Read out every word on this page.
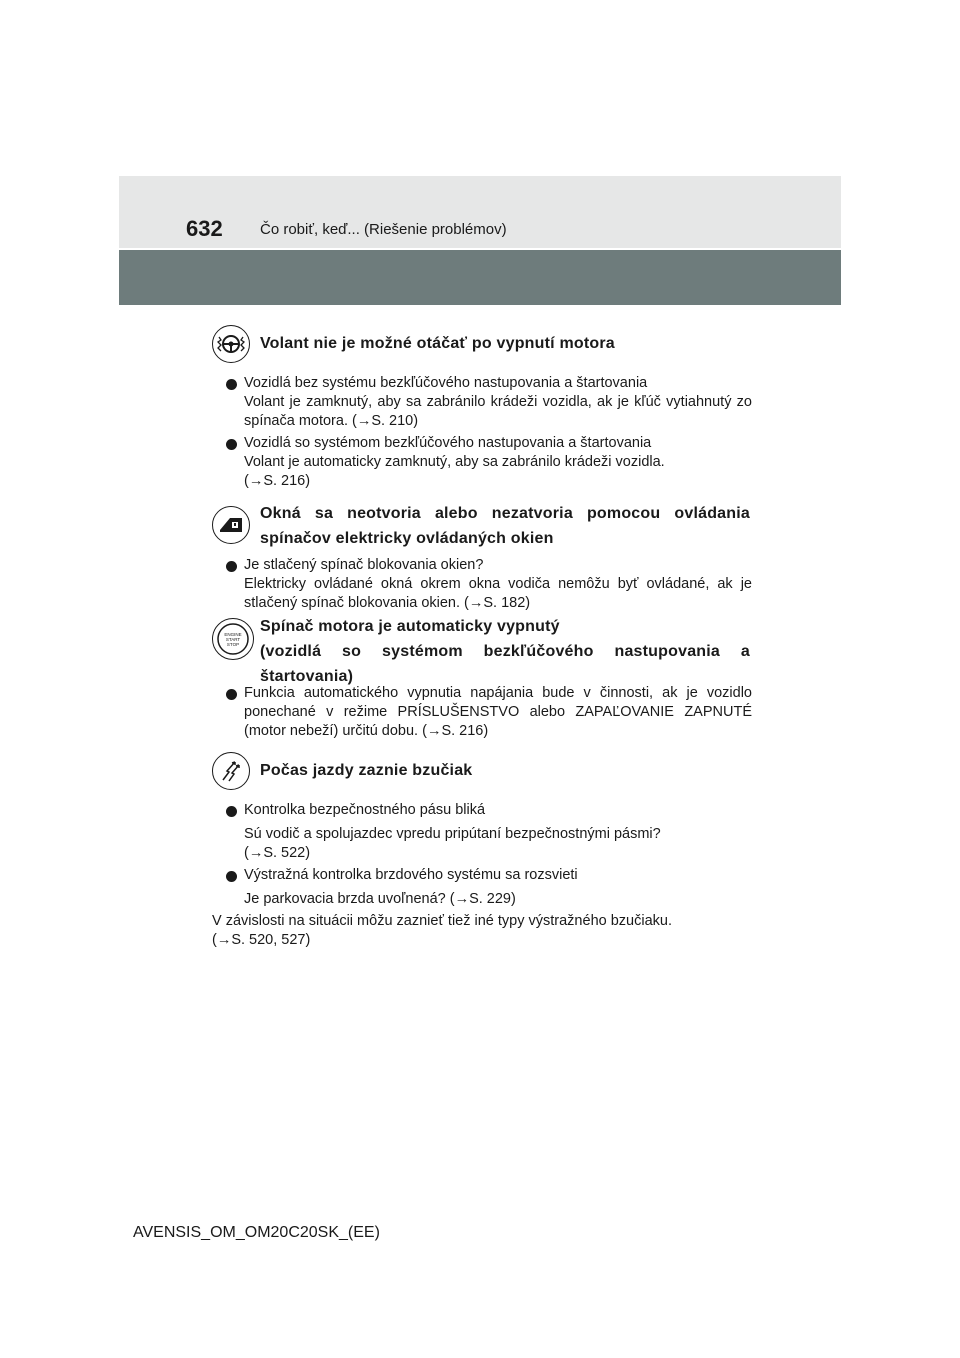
632 Čo robiť, keď... (Riešenie problémov)
Volant nie je možné otáčať po vypnutí motora
Vozidlá bez systému bezkľúčového nastupovania a štartovania
Volant je zamknutý, aby sa zabránilo krádeži vozidla, ak je kľúč vytiahnutý zo spínača motora. (→S. 210)
Vozidlá so systémom bezkľúčového nastupovania a štartovania
Volant je automaticky zamknutý, aby sa zabránilo krádeži vozidla.
(→S. 216)
Okná sa neotvoria alebo nezatvoria pomocou ovládania spínačov elektricky ovládaných okien
Je stlačený spínač blokovania okien?
Elektricky ovládané okná okrem okna vodiča nemôžu byť ovládané, ak je stlačený spínač blokovania okien. (→S. 182)
ENGINE
START
STOP
Spínač motora je automaticky vypnutý
(vozidlá so systémom bezkľúčového nastupovania a štartovania)
Funkcia automatického vypnutia napájania bude v činnosti, ak je vozidlo ponechané v režime PRÍSLUŠENSTVO alebo ZAPAĽOVANIE ZAPNUTÉ (motor nebeží) určitú dobu. (→S. 216)
Počas jazdy zaznie bzučiak
Kontrolka bezpečnostného pásu bliká
Sú vodič a spolujazdec vpredu pripútaní bezpečnostnými pásmi?
(→S. 522)
Výstražná kontrolka brzdového systému sa rozsvieti
Je parkovacia brzda uvoľnená? (→S. 229)
V závislosti na situácii môžu zaznieť tiež iné typy výstražného bzučiaku.
(→S. 520, 527)
AVENSIS_OM_OM20C20SK_(EE)
